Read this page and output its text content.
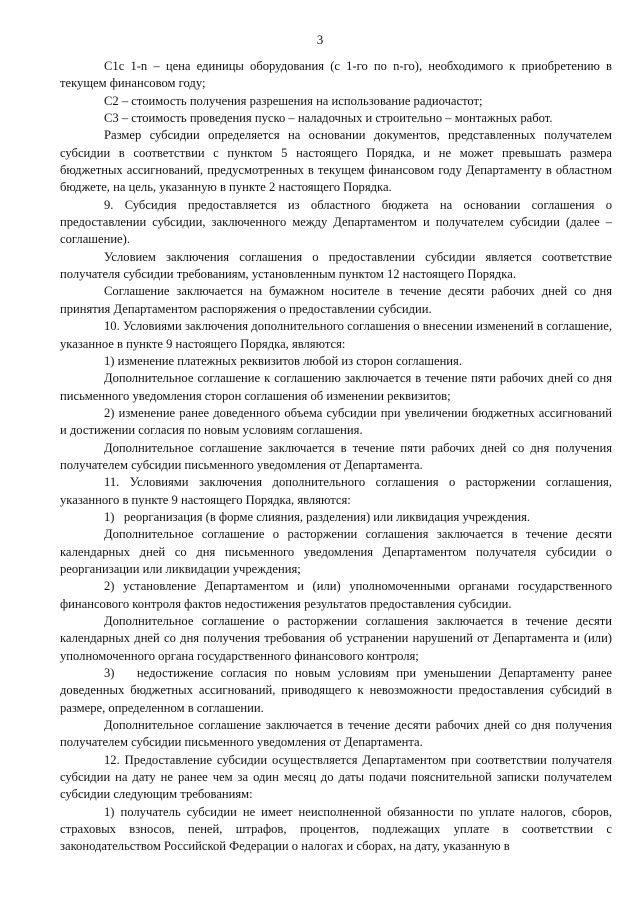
3

С1с 1-n – цена единицы оборудования (с 1-го по n-го), необходимого к приобретению в текущем финансовом году;

С2 – стоимость получения разрешения на использование радиочастот;

С3 – стоимость проведения пуско – наладочных и строительно – монтажных работ.

Размер субсидии определяется на основании документов, представленных получателем субсидии в соответствии с пунктом 5 настоящего Порядка, и не может превышать размера бюджетных ассигнований, предусмотренных в текущем финансовом году Департаменту в областном бюджете, на цель, указанную в пункте 2 настоящего Порядка.

9. Субсидия предоставляется из областного бюджета на основании соглашения о предоставлении субсидии, заключенного между Департаментом и получателем субсидии (далее – соглашение).

Условием заключения соглашения о предоставлении субсидии является соответствие получателя субсидии требованиям, установленным пунктом 12 настоящего Порядка.

Соглашение заключается на бумажном носителе в течение десяти рабочих дней со дня принятия Департаментом распоряжения о предоставлении субсидии.

10. Условиями заключения дополнительного соглашения о внесении изменений в соглашение, указанное в пункте 9 настоящего Порядка, являются:

1) изменение платежных реквизитов любой из сторон соглашения.

Дополнительное соглашение к соглашению заключается в течение пяти рабочих дней со дня письменного уведомления сторон соглашения об изменении реквизитов;

2) изменение ранее доведенного объема субсидии при увеличении бюджетных ассигнований и достижении согласия по новым условиям соглашения.

Дополнительное соглашение заключается в течение пяти рабочих дней со дня получения получателем субсидии письменного уведомления от Департамента.

11. Условиями заключения дополнительного соглашения о расторжении соглашения, указанного в пункте 9 настоящего Порядка, являются:

1)   реорганизация (в форме слияния, разделения) или ликвидация учреждения.

Дополнительное соглашение о расторжении соглашения заключается в течение десяти календарных дней со дня письменного уведомления Департаментом получателя субсидии о реорганизации или ликвидации учреждения;

2) установление Департаментом и (или) уполномоченными органами государственного финансового контроля фактов недостижения результатов предоставления субсидии.

Дополнительное соглашение о расторжении соглашения заключается в течение десяти календарных дней со дня получения требования об устранении нарушений от Департамента и (или) уполномоченного органа государственного финансового контроля;

3)   недостижение согласия по новым условиям при уменьшении Департаменту ранее доведенных бюджетных ассигнований, приводящего к невозможности предоставления субсидий в размере, определенном в соглашении.

Дополнительное соглашение заключается в течение десяти рабочих дней со дня получения получателем субсидии письменного уведомления от Департамента.

12. Предоставление субсидии осуществляется Департаментом при соответствии получателя субсидии на дату не ранее чем за один месяц до даты подачи пояснительной записки получателем субсидии следующим требованиям:

1) получатель субсидии не имеет неисполненной обязанности по уплате налогов, сборов, страховых взносов, пеней, штрафов, процентов, подлежащих уплате в соответствии с законодательством Российской Федерации о налогах и сборах, на дату, указанную в
